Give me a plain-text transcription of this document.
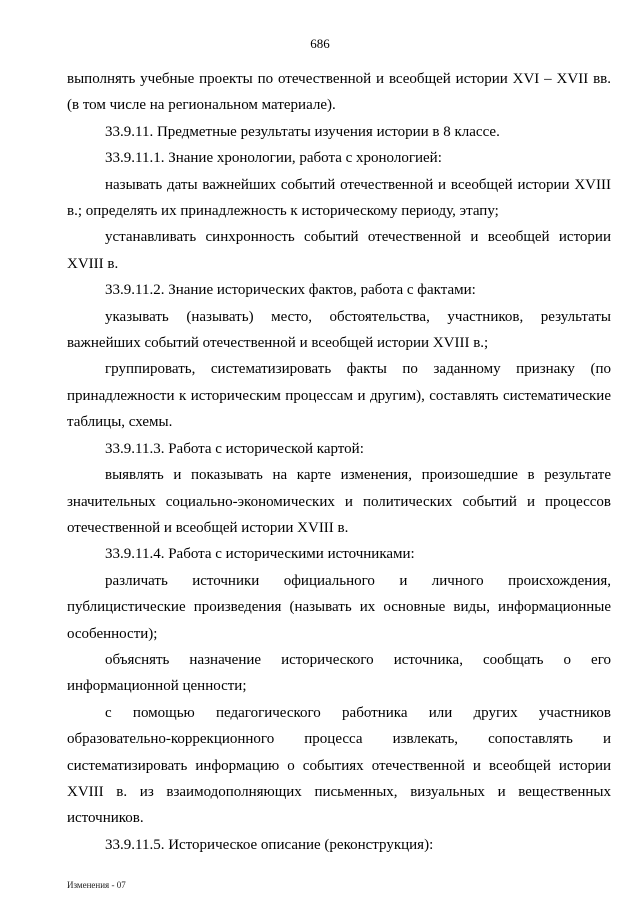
686

выполнять учебные проекты по отечественной и всеобщей истории XVI – XVII вв. (в том числе на региональном материале).

33.9.11. Предметные результаты изучения истории в 8 классе.

33.9.11.1. Знание хронологии, работа с хронологией:

называть даты важнейших событий отечественной и всеобщей истории XVIII в.; определять их принадлежность к историческому периоду, этапу;

устанавливать синхронность событий отечественной и всеобщей истории XVIII в.

33.9.11.2. Знание исторических фактов, работа с фактами:

указывать (называть) место, обстоятельства, участников, результаты важнейших событий отечественной и всеобщей истории XVIII в.;

группировать, систематизировать факты по заданному признаку (по принадлежности к историческим процессам и другим), составлять систематические таблицы, схемы.

33.9.11.3. Работа с исторической картой:

выявлять и показывать на карте изменения, произошедшие в результате значительных социально-экономических и политических событий и процессов отечественной и всеобщей истории XVIII в.

33.9.11.4. Работа с историческими источниками:

различать источники официального и личного происхождения, публицистические произведения (называть их основные виды, информационные особенности);

объяснять назначение исторического источника, сообщать о его информационной ценности;

с помощью педагогического работника или других участников образовательно-коррекционного процесса извлекать, сопоставлять и систематизировать информацию о событиях отечественной и всеобщей истории XVIII в. из взаимодополняющих письменных, визуальных и вещественных источников.

33.9.11.5. Историческое описание (реконструкция):

Изменения - 07
